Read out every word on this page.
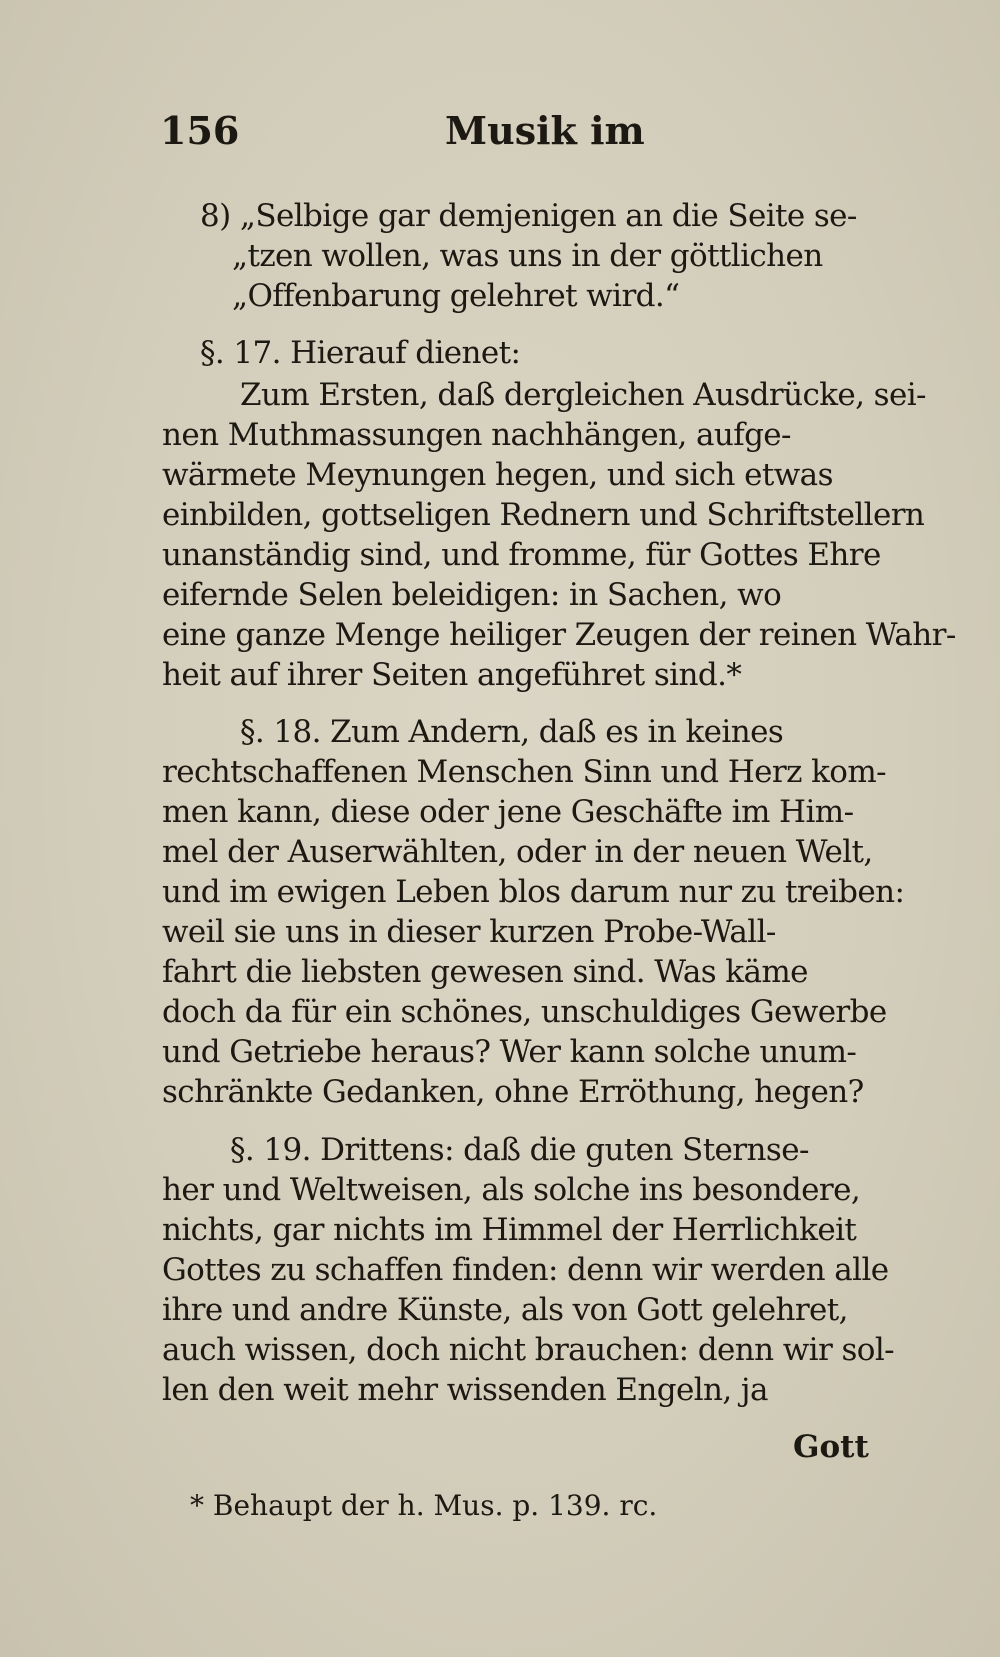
156	Musik im
8) „Selbige gar demjenigen an die Seite se-
„tzen wollen, was uns in der göttlichen
„Offenbarung gelehret wird.“
§. 17. Hierauf dienet:
Zum Ersten, daß dergleichen Ausdrücke, sei-
nen Muthmassungen nachhängen, aufge-
wärmete Meynungen hegen, und sich etwas
einbilden, gottseligen Rednern und Schriftstellern
unanständig sind, und fromme, für Gottes Ehre
eifernde Selen beleidigen: in Sachen, wo
eine ganze Menge heiliger Zeugen der reinen Wahr-
heit auf ihrer Seiten angeführet sind.*
§. 18. Zum Andern, daß es in keines
rechtschaffenen Menschen Sinn und Herz kom-
men kann, diese oder jene Geschäfte im Him-
mel der Auserwählten, oder in der neuen Welt,
und im ewigen Leben blos darum nur zu treiben:
weil sie uns in dieser kurzen Probe-Wall-
fahrt die liebsten gewesen sind. Was käme
doch da für ein schönes, unschuldiges Gewerbe
und Getriebe heraus? Wer kann solche unum-
schränkte Gedanken, ohne Erröthung, hegen?
§. 19. Drittens: daß die guten Sternse-
her und Weltweisen, als solche ins besondere,
nichts, gar nichts im Himmel der Herrlichkeit
Gottes zu schaffen finden: denn wir werden alle
ihre und andre Künste, als von Gott gelehret,
auch wissen, doch nicht brauchen: denn wir sol-
len den weit mehr wissenden Engeln, ja
Gott
* Behaupt der h. Mus. p. 139. rc.
